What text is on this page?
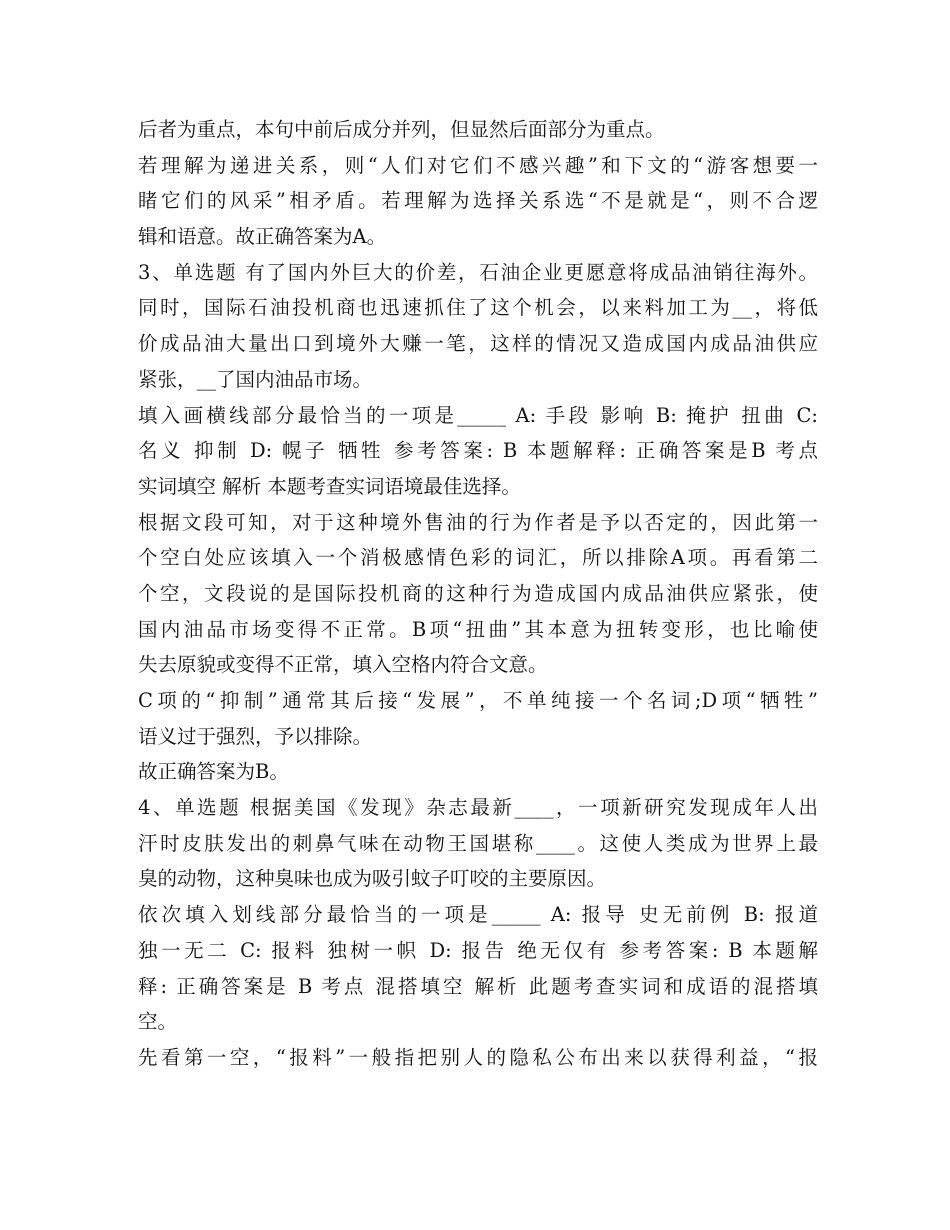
后者为重点，本句中前后成分并列，但显然后面部分为重点。
若理解为递进关系，则“人们对它们不感兴趣”和下文的“游客想要一
睹它们的风采”相矛盾。若理解为选择关系选“不是就是“，则不合逻
辑和语意。故正确答案为A。
3、单选题 有了国内外巨大的价差，石油企业更愿意将成品油销往海外。
同时，国际石油投机商也迅速抓住了这个机会，以来料加工为__，将低
价成品油大量出口到境外大赚一笔，这样的情况又造成国内成品油供应
紧张，__了国内油品市场。
填入画横线部分最恰当的一项是_____ A: 手段 影响 B: 掩护 扭曲 C:
名义 抑制 D: 幌子 牺牲 参考答案: B 本题解释: 正确答案是B 考点
实词填空 解析 本题考查实词语境最佳选择。
根据文段可知，对于这种境外售油的行为作者是予以否定的，因此第一
个空白处应该填入一个消极感情色彩的词汇，所以排除A项。再看第二
个空，文段说的是国际投机商的这种行为造成国内成品油供应紧张，使
国内油品市场变得不正常。B项“扭曲”其本意为扭转变形，也比喻使
失去原貌或变得不正常，填入空格内符合文意。
C项的“抑制”通常其后接“发展”，不单纯接一个名词;D项“牺牲”
语义过于强烈，予以排除。
故正确答案为B。
4、单选题 根据美国《发现》杂志最新____，一项新研究发现成年人出
汗时皮肤发出的刺鼻气味在动物王国堪称____。这使人类成为世界上最
臭的动物，这种臭味也成为吸引蚊子叮咬的主要原因。
依次填入划线部分最恰当的一项是_____ A: 报导 史无前例 B: 报道
独一无二 C: 报料 独树一帜 D: 报告 绝无仅有 参考答案: B 本题解
释: 正确答案是 B 考点 混搭填空 解析 此题考查实词和成语的混搭填
空。
先看第一空，“报料”一般指把别人的隐私公布出来以获得利益，“报
